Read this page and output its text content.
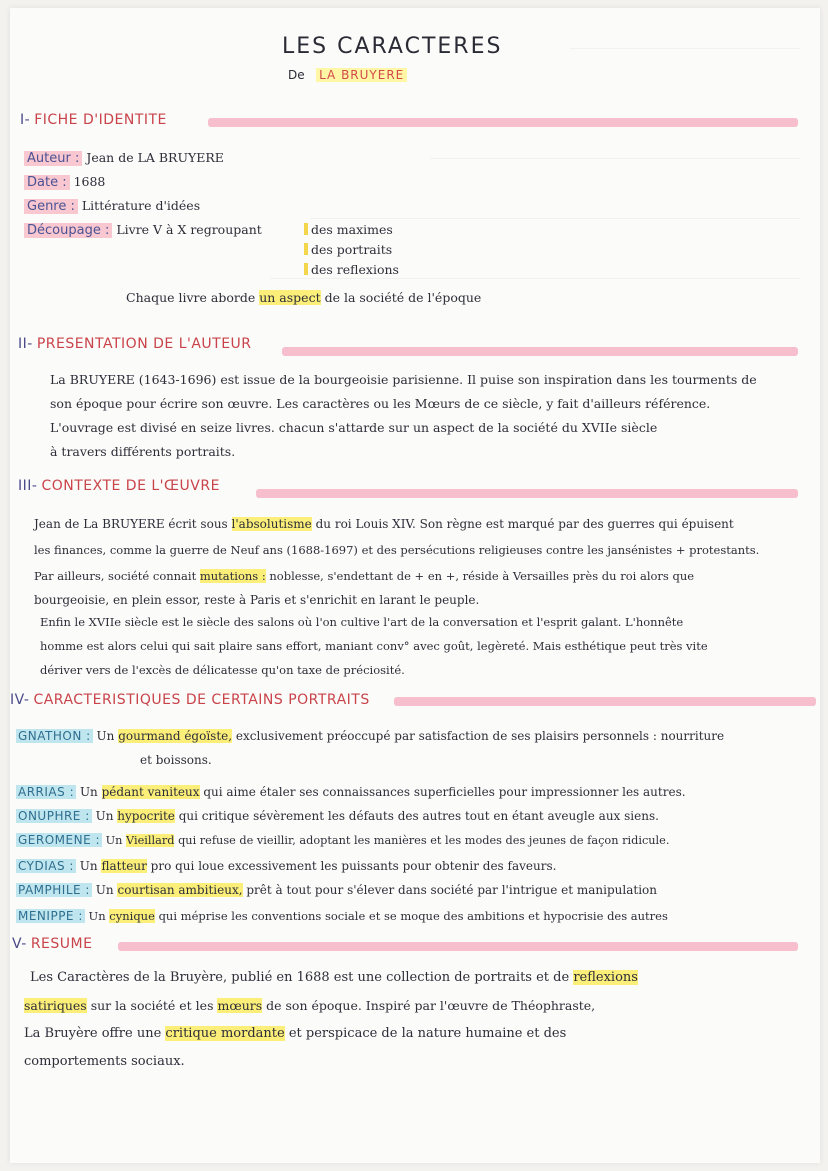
LES CARACTERES
De LA BRUYERE
I- FICHE D'IDENTITE
Auteur : Jean de LA BRUYERE
Date : 1688
Genre : Littérature d'idées
Découpage : Livre V à X regroupant	des maximes
des portraits
des reflexions
Chaque livre aborde un aspect de la société de l'époque
II- PRESENTATION DE L'AUTEUR
La BRUYERE (1643-1696) est issue de la bourgeoisie parisienne. Il puise son inspiration dans les tourments de
son époque pour écrire son œuvre. Les caractères ou les Mœurs de ce siècle, y fait d'ailleurs référence.
L'ouvrage est divisé en seize livres. chacun s'attarde sur un aspect de la société du XVIIe siècle
à travers différents portraits.
III- CONTEXTE DE L'ŒUVRE
Jean de La BRUYERE écrit sous l'absolutisme du roi Louis XIV. Son règne est marqué par des guerres qui épuisent
les finances, comme la guerre de Neuf ans (1688-1697) et des persécutions religieuses contre les jansénistes + protestants.
Par ailleurs, société connait mutations : noblesse, s'endettant de + en +, réside à Versailles près du roi alors que
bourgeoisie, en plein essor, reste à Paris et s'enrichit en larant le peuple.
Enfin le XVIIe siècle est le siècle des salons où l'on cultive l'art de la conversation et l'esprit galant. L'honnête
homme est alors celui qui sait plaire sans effort, maniant conv° avec goût, legèreté. Mais esthétique peut très vite
dériver vers de l'excès de délicatesse qu'on taxe de préciosité.
IV- CARACTERISTIQUES DE CERTAINS PORTRAITS
GNATHON : Un gourmand égoïste, exclusivement préoccupé par satisfaction de ses plaisirs personnels : nourriture
et boissons.
ARRIAS : Un pédant vaniteux qui aime étaler ses connaissances superficielles pour impressionner les autres.
ONUPHRE : Un hypocrite qui critique sévèrement les défauts des autres tout en étant aveugle aux siens.
GEROMENE : Un Vieillard qui refuse de vieillir, adoptant les manières et les modes des jeunes de façon ridicule.
CYDIAS : Un flatteur pro qui loue excessivement les puissants pour obtenir des faveurs.
PAMPHILE : Un courtisan ambitieux, prêt à tout pour s'élever dans société par l'intrigue et manipulation
MENIPPE : Un cynique qui méprise les conventions sociale et se moque des ambitions et hypocrisie des autres
V- RESUME
Les Caractères de la Bruyère, publié en 1688 est une collection de portraits et de reflexions
satiriques sur la société et les mœurs de son époque. Inspiré par l'œuvre de Théophraste,
La Bruyère offre une critique mordante et perspicace de la nature humaine et des
comportements sociaux.
